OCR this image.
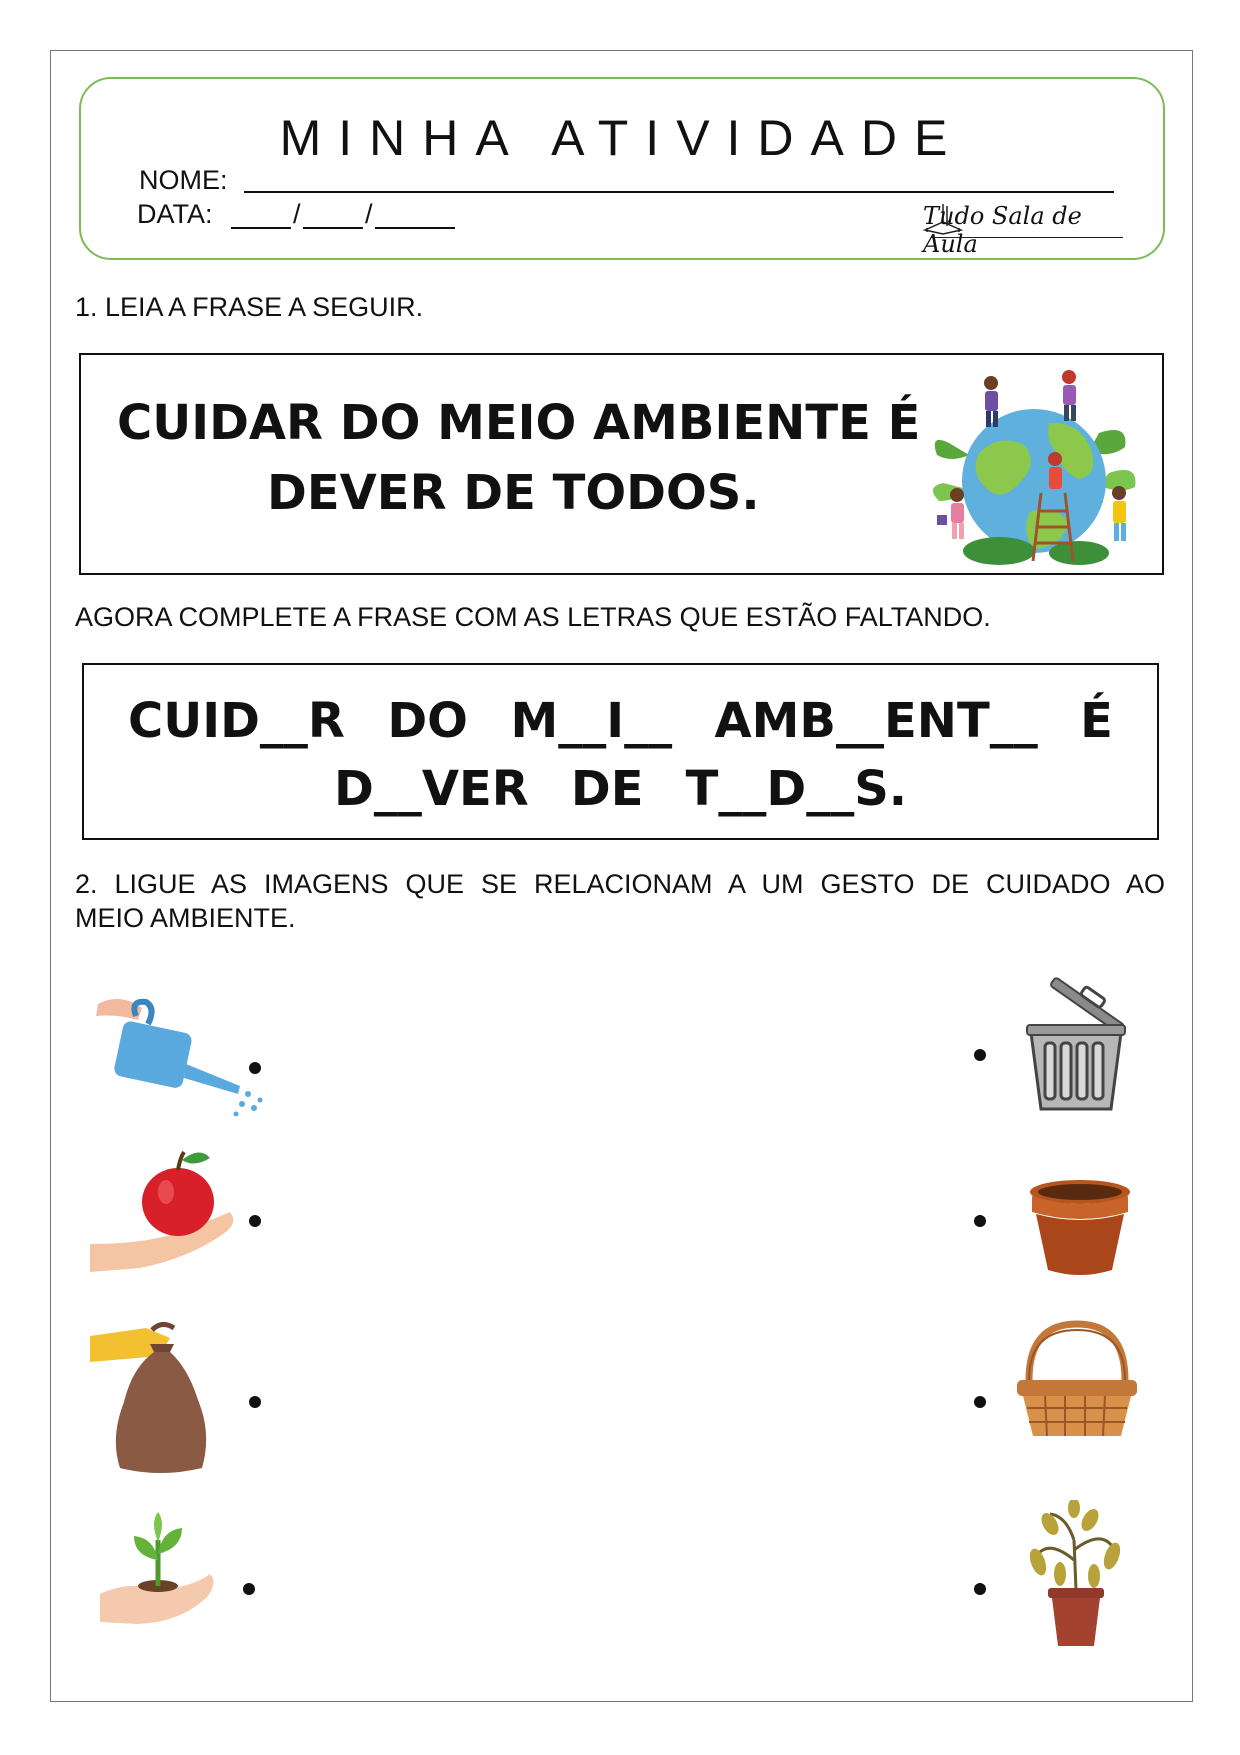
MINHA ATIVIDADE
NOME:
DATA:	/ /	Tudo Sala de Aula
1. LEIA A FRASE A SEGUIR.
CUIDAR DO MEIO AMBIENTE É
DEVER DE TODOS.
AGORA COMPLETE A FRASE COM AS LETRAS QUE ESTÃO FALTANDO.
CUID__R DO M__I__ AMB__ENT__ É
D__VER DE T__D__S.
2. LIGUE AS IMAGENS QUE SE RELACIONAM A UM GESTO DE CUIDADO AO
MEIO AMBIENTE.
